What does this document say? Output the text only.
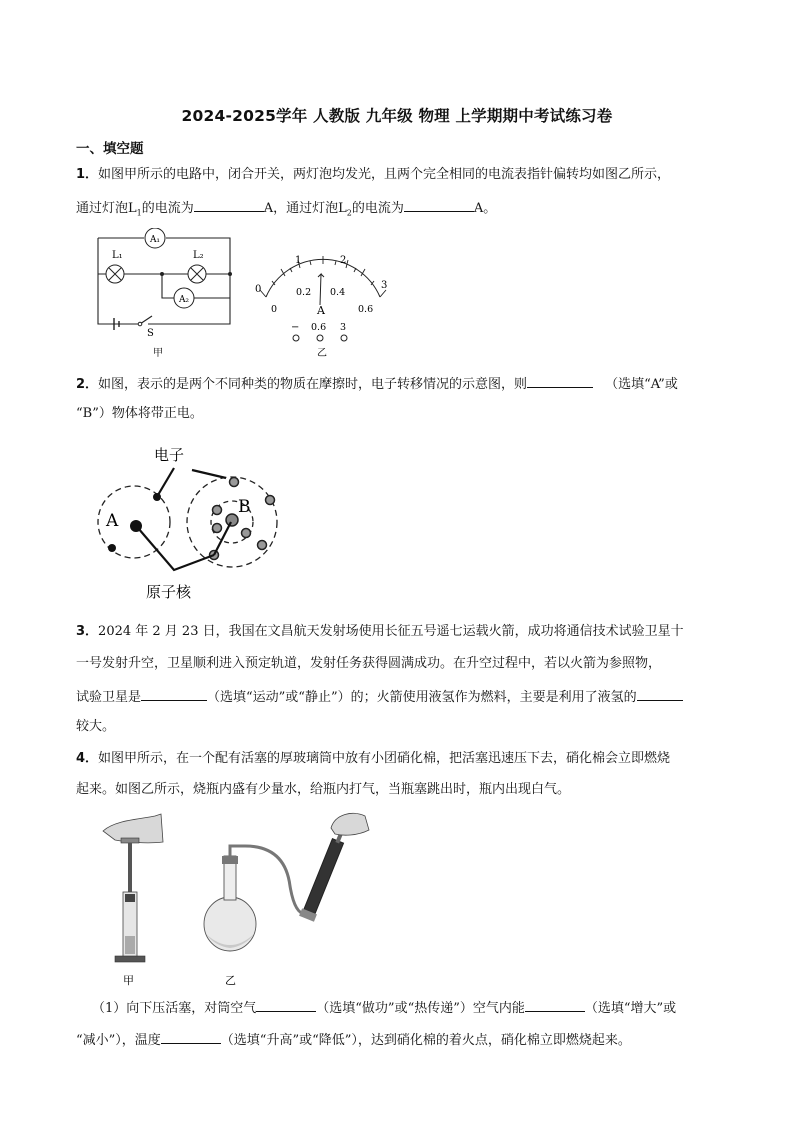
2024-2025学年 人教版 九年级 物理 上学期期中考试练习卷
一、填空题
1．如图甲所示的电路中，闭合开关，两灯泡均发光，且两个完全相同的电流表指针偏转均如图乙所示，
通过灯泡$L_1$的电流为	A，通过灯泡$L_2$的电流为	A。
A₁
L₁	L₂
A₂
S
甲
0
1	2
3
0.2 0.4
0	0.6
A
− 0.6 3
乙
2．如图，表示的是两个不同种类的物质在摩擦时，电子转移情况的示意图，则	（选填“A”或
“B”）物体将带正电。
电子
原子核
A
B
3．2024 年 2 月 23 日，我国在文昌航天发射场使用长征五号遥七运载火箭，成功将通信技术试验卫星十
一号发射升空，卫星顺利进入预定轨道，发射任务获得圆满成功。在升空过程中，若以火箭为参照物，
试验卫星是	（选填“运动”或“静止”）的；火箭使用液氢作为燃料，主要是利用了液氢的
较大。
4．如图甲所示，在一个配有活塞的厚玻璃筒中放有小团硝化棉，把活塞迅速压下去，硝化棉会立即燃烧
起来。如图乙所示，烧瓶内盛有少量水，给瓶内打气，当瓶塞跳出时，瓶内出现白气。
甲	乙
（1）向下压活塞，对筒空气	（选填“做功”或“热传递”）空气内能	（选填“增大”或
“减小”），温度	（选填“升高”或“降低”），达到硝化棉的着火点，硝化棉立即燃烧起来。
